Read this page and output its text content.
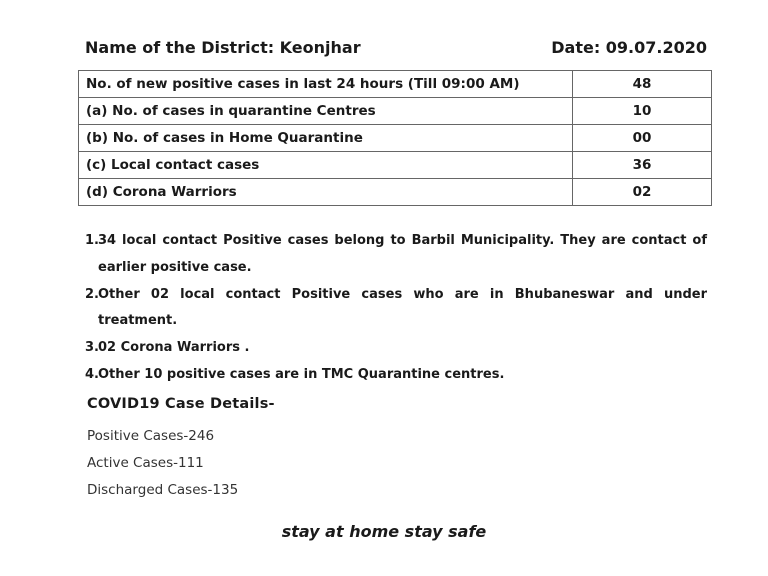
Name of the District: Keonjhar	Date: 09.07.2020
No. of new positive cases in last 24 hours (Till 09:00 AM)	48
(a) No. of cases in quarantine Centres	10
(b) No. of cases in Home Quarantine	00
(c) Local contact cases	36
(d) Corona Warriors	02
1. 34 local contact Positive cases belong to Barbil Municipality. They are contact of
earlier positive case.
2. Other 02 local contact Positive cases who are in Bhubaneswar and under
treatment.
3. 02 Corona Warriors .
4. Other 10 positive cases are in TMC Quarantine centres.
COVID19 Case Details-
Positive Cases-246
Active Cases-111
Discharged Cases-135
stay at home stay safe
